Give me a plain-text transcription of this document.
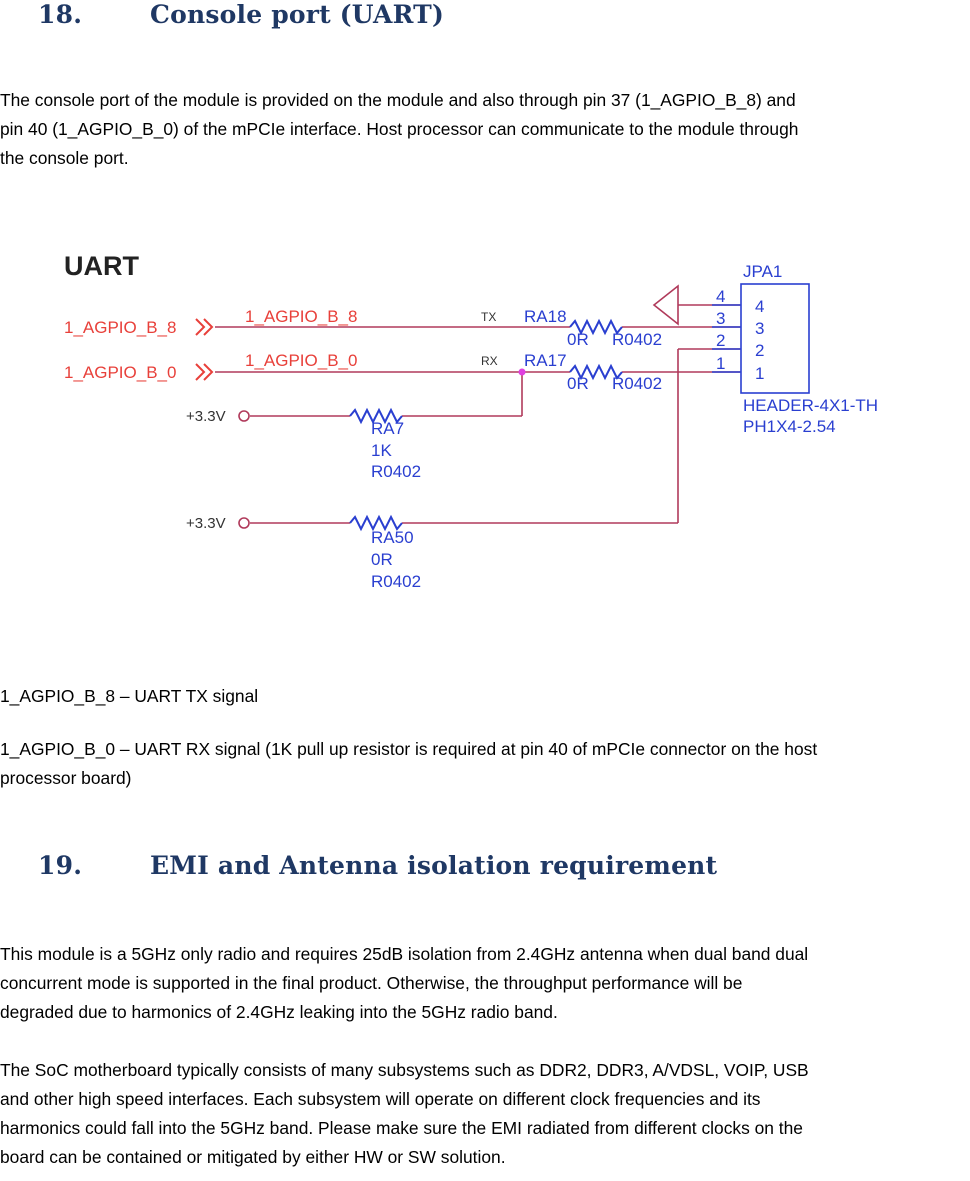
18.	Console port (UART)
The console port of the module is provided on the module and also through pin 37 (1_AGPIO_B_8) and
pin 40 (1_AGPIO_B_0) of the mPCIe interface. Host processor can communicate to the module through
the console port.
UART
1_AGPIO_B_8
1_AGPIO_B_0
1_AGPIO_B_8
1_AGPIO_B_0
TX
RX
+3.3V
+3.3V
RA18
0R R0402
RA17
0R R0402
RA7
1K
R0402
RA50
0R
R0402
JPA1
HEADER-4X1-TH
PH1X4-2.54
4
3
2
1
4
3
2
1
1_AGPIO_B_8 – UART TX signal
1_AGPIO_B_0 – UART RX signal (1K pull up resistor is required at pin 40 of mPCIe connector on the host
processor board)
19.	EMI and Antenna isolation requirement
This module is a 5GHz only radio and requires 25dB isolation from 2.4GHz antenna when dual band dual
concurrent mode is supported in the final product. Otherwise, the throughput performance will be
degraded due to harmonics of 2.4GHz leaking into the 5GHz radio band.
The SoC motherboard typically consists of many subsystems such as DDR2, DDR3, A/VDSL, VOIP, USB
and other high speed interfaces. Each subsystem will operate on different clock frequencies and its
harmonics could fall into the 5GHz band. Please make sure the EMI radiated from different clocks on the
board can be contained or mitigated by either HW or SW solution.
